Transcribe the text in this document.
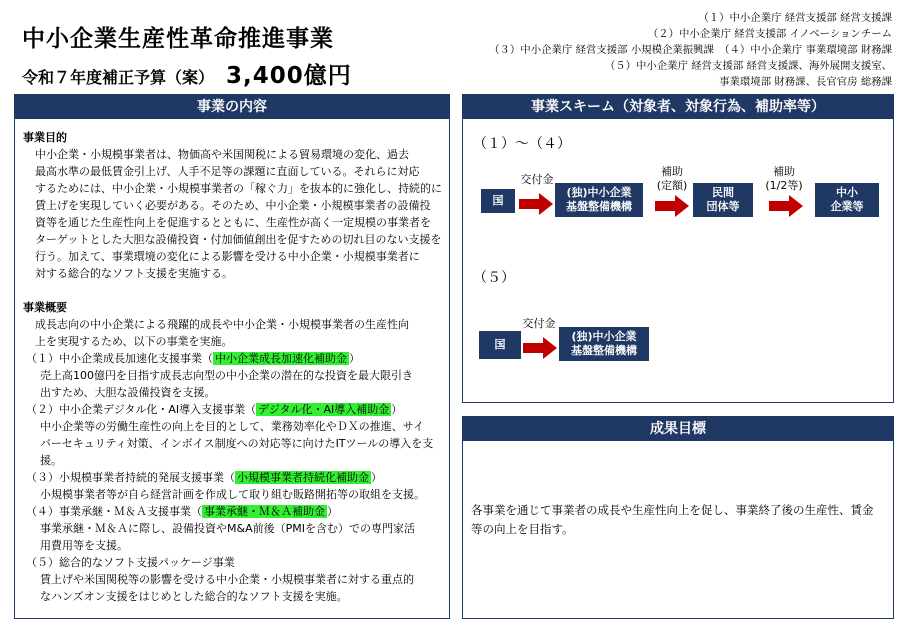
中小企業生産性革命推進事業
令和７年度補正予算（案） 3,400億円
（１）中小企業庁 経営支援部 経営支援課
（２）中小企業庁 経営支援部 イノベーションチーム
（３）中小企業庁 経営支援部 小規模企業振興課　（４）中小企業庁 事業環境部 財務課
（５）中小企業庁 経営支援部 経営支援課、海外展開支援室、
事業環境部 財務課、長官官房 総務課
事業の内容
事業目的
中小企業・小規模事業者は、物価高や米国関税による貿易環境の変化、過去
最高水準の最低賃金引上げ、人手不足等の課題に直面している。それらに対応
するためには、中小企業・小規模事業者の「稼ぐ力」を抜本的に強化し、持続的に
賃上げを実現していく必要がある。そのため、中小企業・小規模事業者の設備投
資等を通じた生産性向上を促進するとともに、生産性が高く一定規模の事業者を
ターゲットとした大胆な設備投資・付加価値創出を促すための切れ目のない支援を
行う。加えて、事業環境の変化による影響を受ける中小企業・小規模事業者に
対する総合的なソフト支援を実施する。
事業概要
成長志向の中小企業による飛躍的成長や中小企業・小規模事業者の生産性向
上を実現するため、以下の事業を実施。
（１）中小企業成長加速化支援事業（ 中小企業成長加速化補助金 ）
売上高100億円を目指す成長志向型の中小企業の潜在的な投資を最大限引き
出すため、大胆な設備投資を支援。
（２）中小企業デジタル化・AI導入支援事業（ デジタル化・AI導入補助金 ）
中小企業等の労働生産性の向上を目的として、業務効率化やＤＸの推進、サイ
バーセキュリティ対策、インボイス制度への対応等に向けたITツールの導入を支援。
（３）小規模事業者持続的発展支援事業（ 小規模事業者持続化補助金 ）
小規模事業者等が自ら経営計画を作成して取り組む販路開拓等の取組を支援。
（４）事業承継・Ｍ＆Ａ支援事業（ 事業承継・Ｍ＆Ａ補助金 ）
事業承継・Ｍ＆Ａに際し、設備投資やM&A前後（PMIを含む）での専門家活
用費用等を支援。
（５）総合的なソフト支援パッケージ事業
賃上げや米国関税等の影響を受ける中小企業・小規模事業者に対する重点的
なハンズオン支援をはじめとした総合的なソフト支援を実施。
事業スキーム（対象者、対象行為、補助率等）
（１）～（４）
国
交付金
(独)中小企業
基盤整備機構
補助
(定額)
民間
団体等
補助
(1/2等)
中小
企業等
（５）
国
交付金
(独)中小企業
基盤整備機構
成果目標
各事業を通じて事業者の成長や生産性向上を促し、事業終了後の生産性、賃金
等の向上を目指す。
